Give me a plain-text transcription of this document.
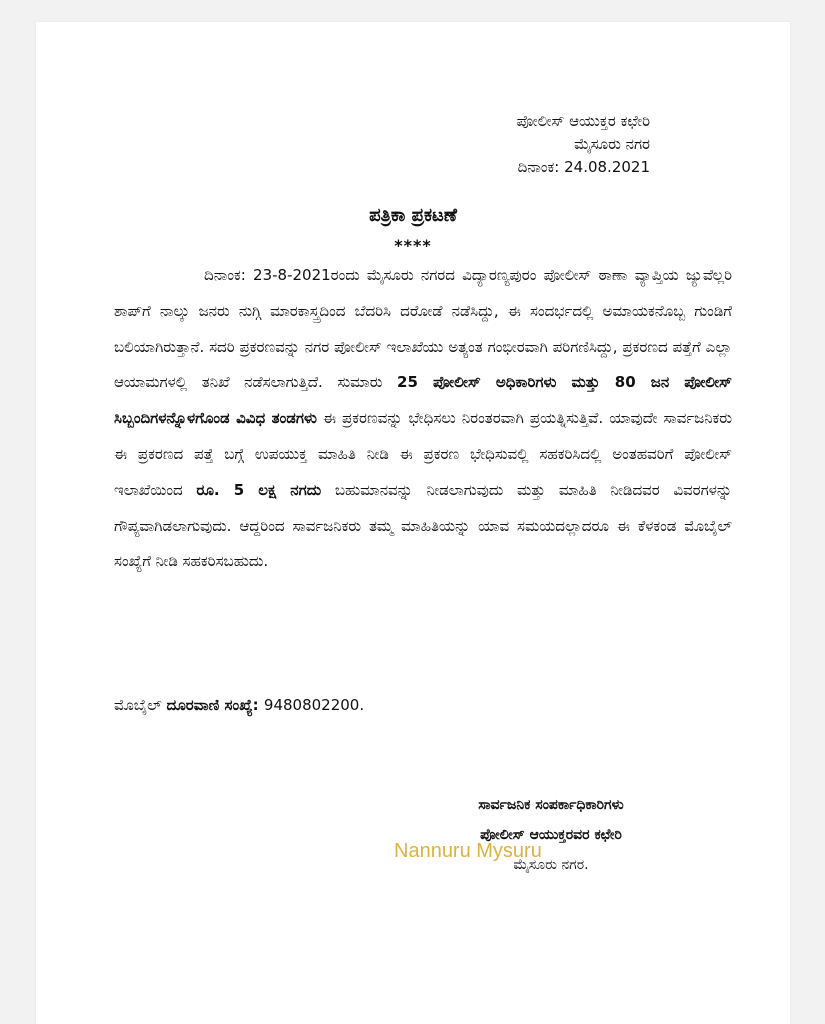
ಪೋಲೀಸ್ ಆಯುಕ್ತರ ಕಛೇರಿ
ಮೈಸೂರು ನಗರ
ದಿನಾಂಕ: 24.08.2021
ಪತ್ರಿಕಾ ಪ್ರಕಟಣೆ
****
ದಿನಾಂಕ: 23-8-2021ರಂದು ಮೈಸೂರು ನಗರದ ವಿದ್ಯಾರಣ್ಯಪುರಂ ಪೋಲೀಸ್ ಠಾಣಾ ವ್ಯಾಪ್ತಿಯ ಜ್ಯುವೆಲ್ಲರಿ ಶಾಪ್‌ಗೆ ನಾಲ್ಕು ಜನರು ನುಗ್ಗಿ ಮಾರಕಾಸ್ತ್ರದಿಂದ ಬೆದರಿಸಿ ದರೋಡೆ ನಡೆಸಿದ್ದು, ಈ ಸಂದರ್ಭದಲ್ಲಿ ಅಮಾಯಕನೊಬ್ಬ ಗುಂಡಿಗೆ ಬಲಿಯಾಗಿರುತ್ತಾನೆ. ಸದರಿ ಪ್ರಕರಣವನ್ನು ನಗರ ಪೋಲೀಸ್ ಇಲಾಖೆಯು ಅತ್ಯಂತ ಗಂಭೀರವಾಗಿ ಪರಿಗಣಿಸಿದ್ದು, ಪ್ರಕರಣದ ಪತ್ತೆಗೆ ಎಲ್ಲಾ ಆಯಾಮಗಳಲ್ಲಿ ತನಿಖೆ ನಡೆಸಲಾಗುತ್ತಿದೆ. ಸುಮಾರು 25 ಪೋಲೀಸ್ ಅಧಿಕಾರಿಗಳು ಮತ್ತು 80 ಜನ ಪೋಲೀಸ್ ಸಿಬ್ಬಂದಿಗಳನ್ನೊಳಗೊಂಡ ವಿವಿಧ ತಂಡಗಳು ಈ ಪ್ರಕರಣವನ್ನು ಭೇಧಿಸಲು ನಿರಂತರವಾಗಿ ಪ್ರಯತ್ನಿಸುತ್ತಿವೆ. ಯಾವುದೇ ಸಾರ್ವಜನಿಕರು ಈ ಪ್ರಕರಣದ ಪತ್ತೆ ಬಗ್ಗೆ ಉಪಯುಕ್ತ ಮಾಹಿತಿ ನೀಡಿ ಈ ಪ್ರಕರಣ ಭೇಧಿಸುವಲ್ಲಿ ಸಹಕರಿಸಿದಲ್ಲಿ ಅಂತಹವರಿಗೆ ಪೋಲೀಸ್ ಇಲಾಖೆಯಿಂದ ರೂ. 5 ಲಕ್ಷ ನಗದು ಬಹುಮಾನವನ್ನು ನೀಡಲಾಗುವುದು ಮತ್ತು ಮಾಹಿತಿ ನೀಡಿದವರ ವಿವರಗಳನ್ನು ಗೌಪ್ಯವಾಗಿಡಲಾಗುವುದು. ಆದ್ದರಿಂದ ಸಾರ್ವಜನಿಕರು ತಮ್ಮ ಮಾಹಿತಿಯನ್ನು ಯಾವ ಸಮಯದಲ್ಲಾದರೂ ಈ ಕೆಳಕಂಡ ಮೊಬೈಲ್ ಸಂಖ್ಯೆಗೆ ನೀಡಿ ಸಹಕರಿಸಬಹುದು.
ಮೊಬೈಲ್ ದೂರವಾಣಿ ಸಂಖ್ಯೆ: 9480802200.
ಸಾರ್ವಜನಿಕ ಸಂಪರ್ಕಾಧಿಕಾರಿಗಳು
ಪೋಲೀಸ್ ಆಯುಕ್ತರವರ ಕಛೇರಿ
ಮೈಸೂರು ನಗರ.
Nannuru Mysuru
